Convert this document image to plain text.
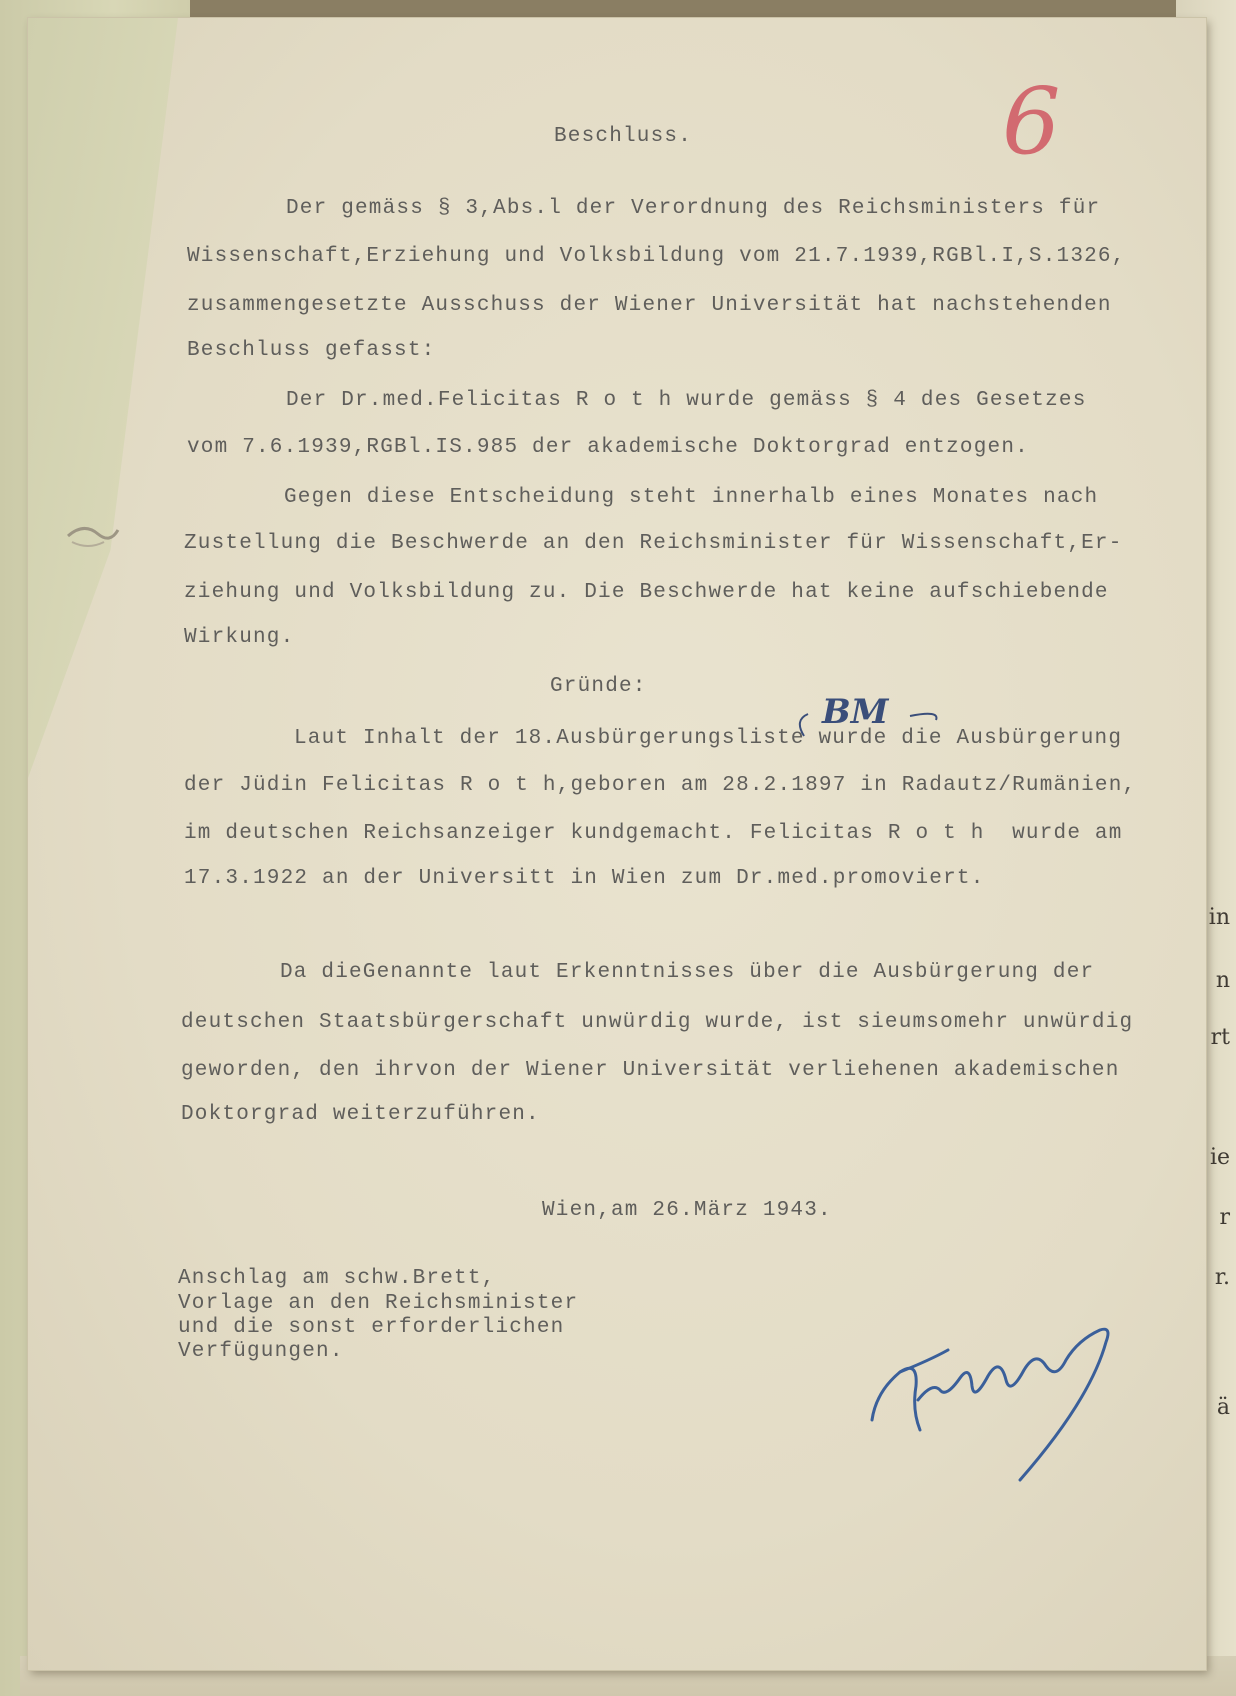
in
n
rt
ie
r
r.
ä
6
Beschluss.
Der gemäss § 3,Abs.l der Verordnung des Reichsministers für
Wissenschaft,Erziehung und Volksbildung vom 21.7.1939,RGBl.I,S.1326,
zusammengesetzte Ausschuss der Wiener Universität hat nachstehenden
Beschluss gefasst:
Der Dr.med.Felicitas R o t h wurde gemäss § 4 des Gesetzes
vom 7.6.1939,RGBl.IS.985 der akademische Doktorgrad entzogen.
Gegen diese Entscheidung steht innerhalb eines Monates nach
Zustellung die Beschwerde an den Reichsminister für Wissenschaft,Er-
ziehung und Volksbildung zu. Die Beschwerde hat keine aufschiebende
Wirkung.
Gründe:
BM
Laut Inhalt der 18.Ausbürgerungsliste wurde die Ausbürgerung
der Jüdin Felicitas R o t h,geboren am 28.2.1897 in Radautz/Rumänien,
im deutschen Reichsanzeiger kundgemacht. Felicitas R o t h  wurde am
17.3.1922 an der Universitt in Wien zum Dr.med.promoviert.
Da dieGenannte laut Erkenntnisses über die Ausbürgerung der
deutschen Staatsbürgerschaft unwürdig wurde, ist sieumsomehr unwürdig
geworden, den ihrvon der Wiener Universität verliehenen akademischen
Doktorgrad weiterzuführen.
Wien,am 26.März 1943.
Anschlag am schw.Brett,
Vorlage an den Reichsminister
und die sonst erforderlichen
Verfügungen.
